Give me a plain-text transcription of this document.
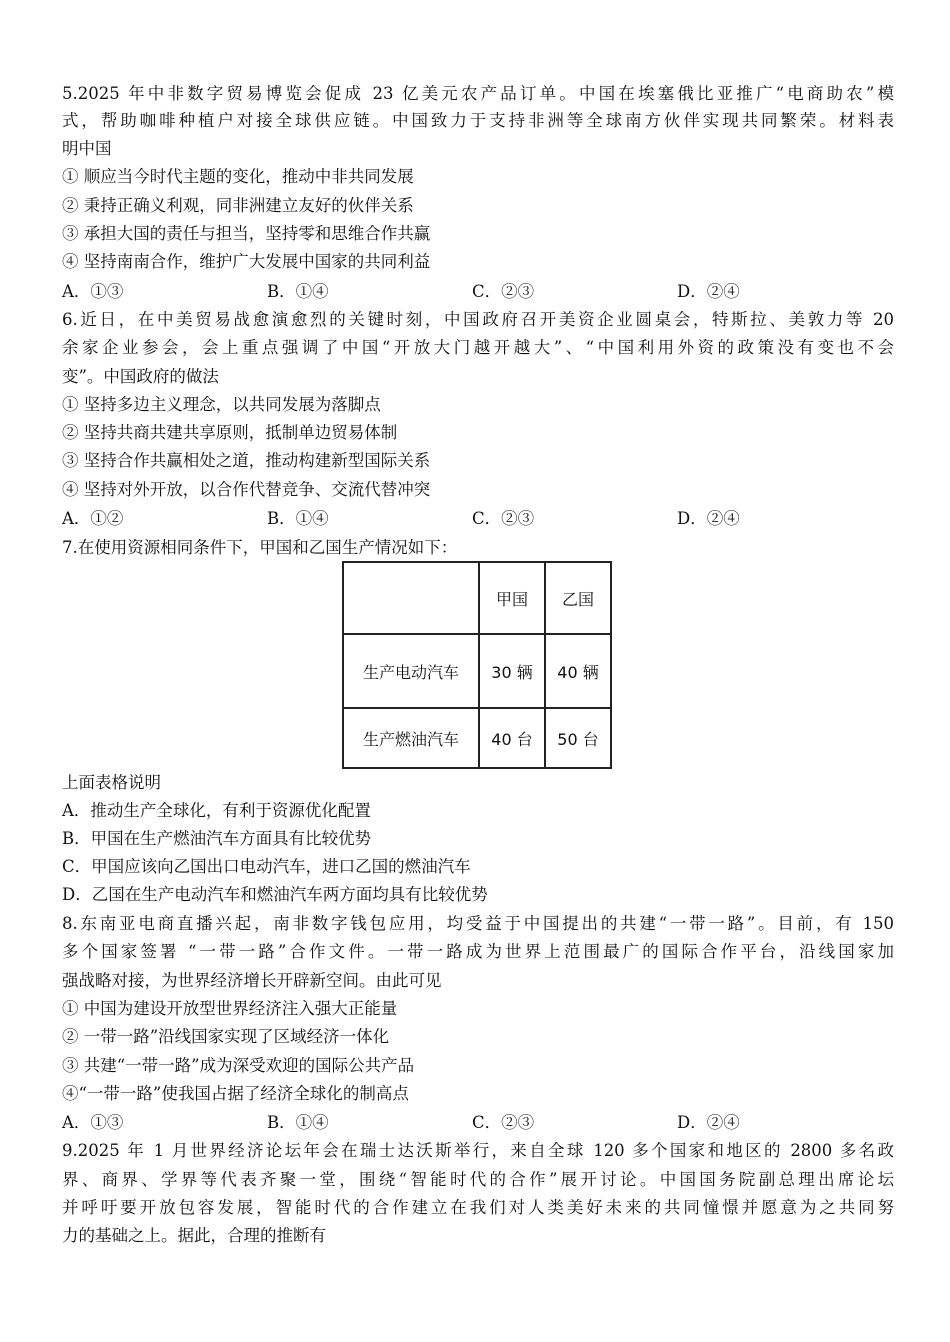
5.2025 年中非数字贸易博览会促成 23 亿美元农产品订单。中国在埃塞俄比亚推广“电商助农”模
式，帮助咖啡种植户对接全球供应链。中国致力于支持非洲等全球南方伙伴实现共同繁荣。材料表
明中国
① 顺应当今时代主题的变化，推动中非共同发展
② 秉持正确义利观，同非洲建立友好的伙伴关系
③ 承担大国的责任与担当，坚持零和思维合作共赢
④ 坚持南南合作，维护广大发展中国家的共同利益
A．①③	B．①④	C．②③	D．②④
6.近日，在中美贸易战愈演愈烈的关键时刻，中国政府召开美资企业圆桌会，特斯拉、美敦力等 20
余家企业参会，会上重点强调了中国“开放大门越开越大”、“中国利用外资的政策没有变也不会
变”。中国政府的做法
① 坚持多边主义理念，以共同发展为落脚点
② 坚持共商共建共享原则，抵制单边贸易体制
③ 坚持合作共赢相处之道，推动构建新型国际关系
④ 坚持对外开放，以合作代替竞争、交流代替冲突
A．①②	B．①④	C．②③	D．②④
7.在使用资源相同条件下，甲国和乙国生产情况如下：
	甲国	乙国
生产电动汽车	30 辆	40 辆
生产燃油汽车	40 台	50 台
上面表格说明
A．推动生产全球化，有利于资源优化配置
B．甲国在生产燃油汽车方面具有比较优势
C．甲国应该向乙国出口电动汽车，进口乙国的燃油汽车
D．乙国在生产电动汽车和燃油汽车两方面均具有比较优势
8.东南亚电商直播兴起，南非数字钱包应用，均受益于中国提出的共建“一带一路”。目前，有 150
多个国家签署 “一带一路”合作文件。一带一路成为世界上范围最广的国际合作平台，沿线国家加
强战略对接，为世界经济增长开辟新空间。由此可见
① 中国为建设开放型世界经济注入强大正能量
② 一带一路”沿线国家实现了区域经济一体化
③ 共建“一带一路”成为深受欢迎的国际公共产品
④“一带一路”使我国占据了经济全球化的制高点
A．①③	B．①④	C．②③	D．②④
9.2025 年 1 月世界经济论坛年会在瑞士达沃斯举行，来自全球 120 多个国家和地区的 2800 多名政
界、商界、学界等代表齐聚一堂，围绕“智能时代的合作”展开讨论。中国国务院副总理出席论坛
并呼吁要开放包容发展，智能时代的合作建立在我们对人类美好未来的共同憧憬并愿意为之共同努
力的基础之上。据此，合理的推断有
